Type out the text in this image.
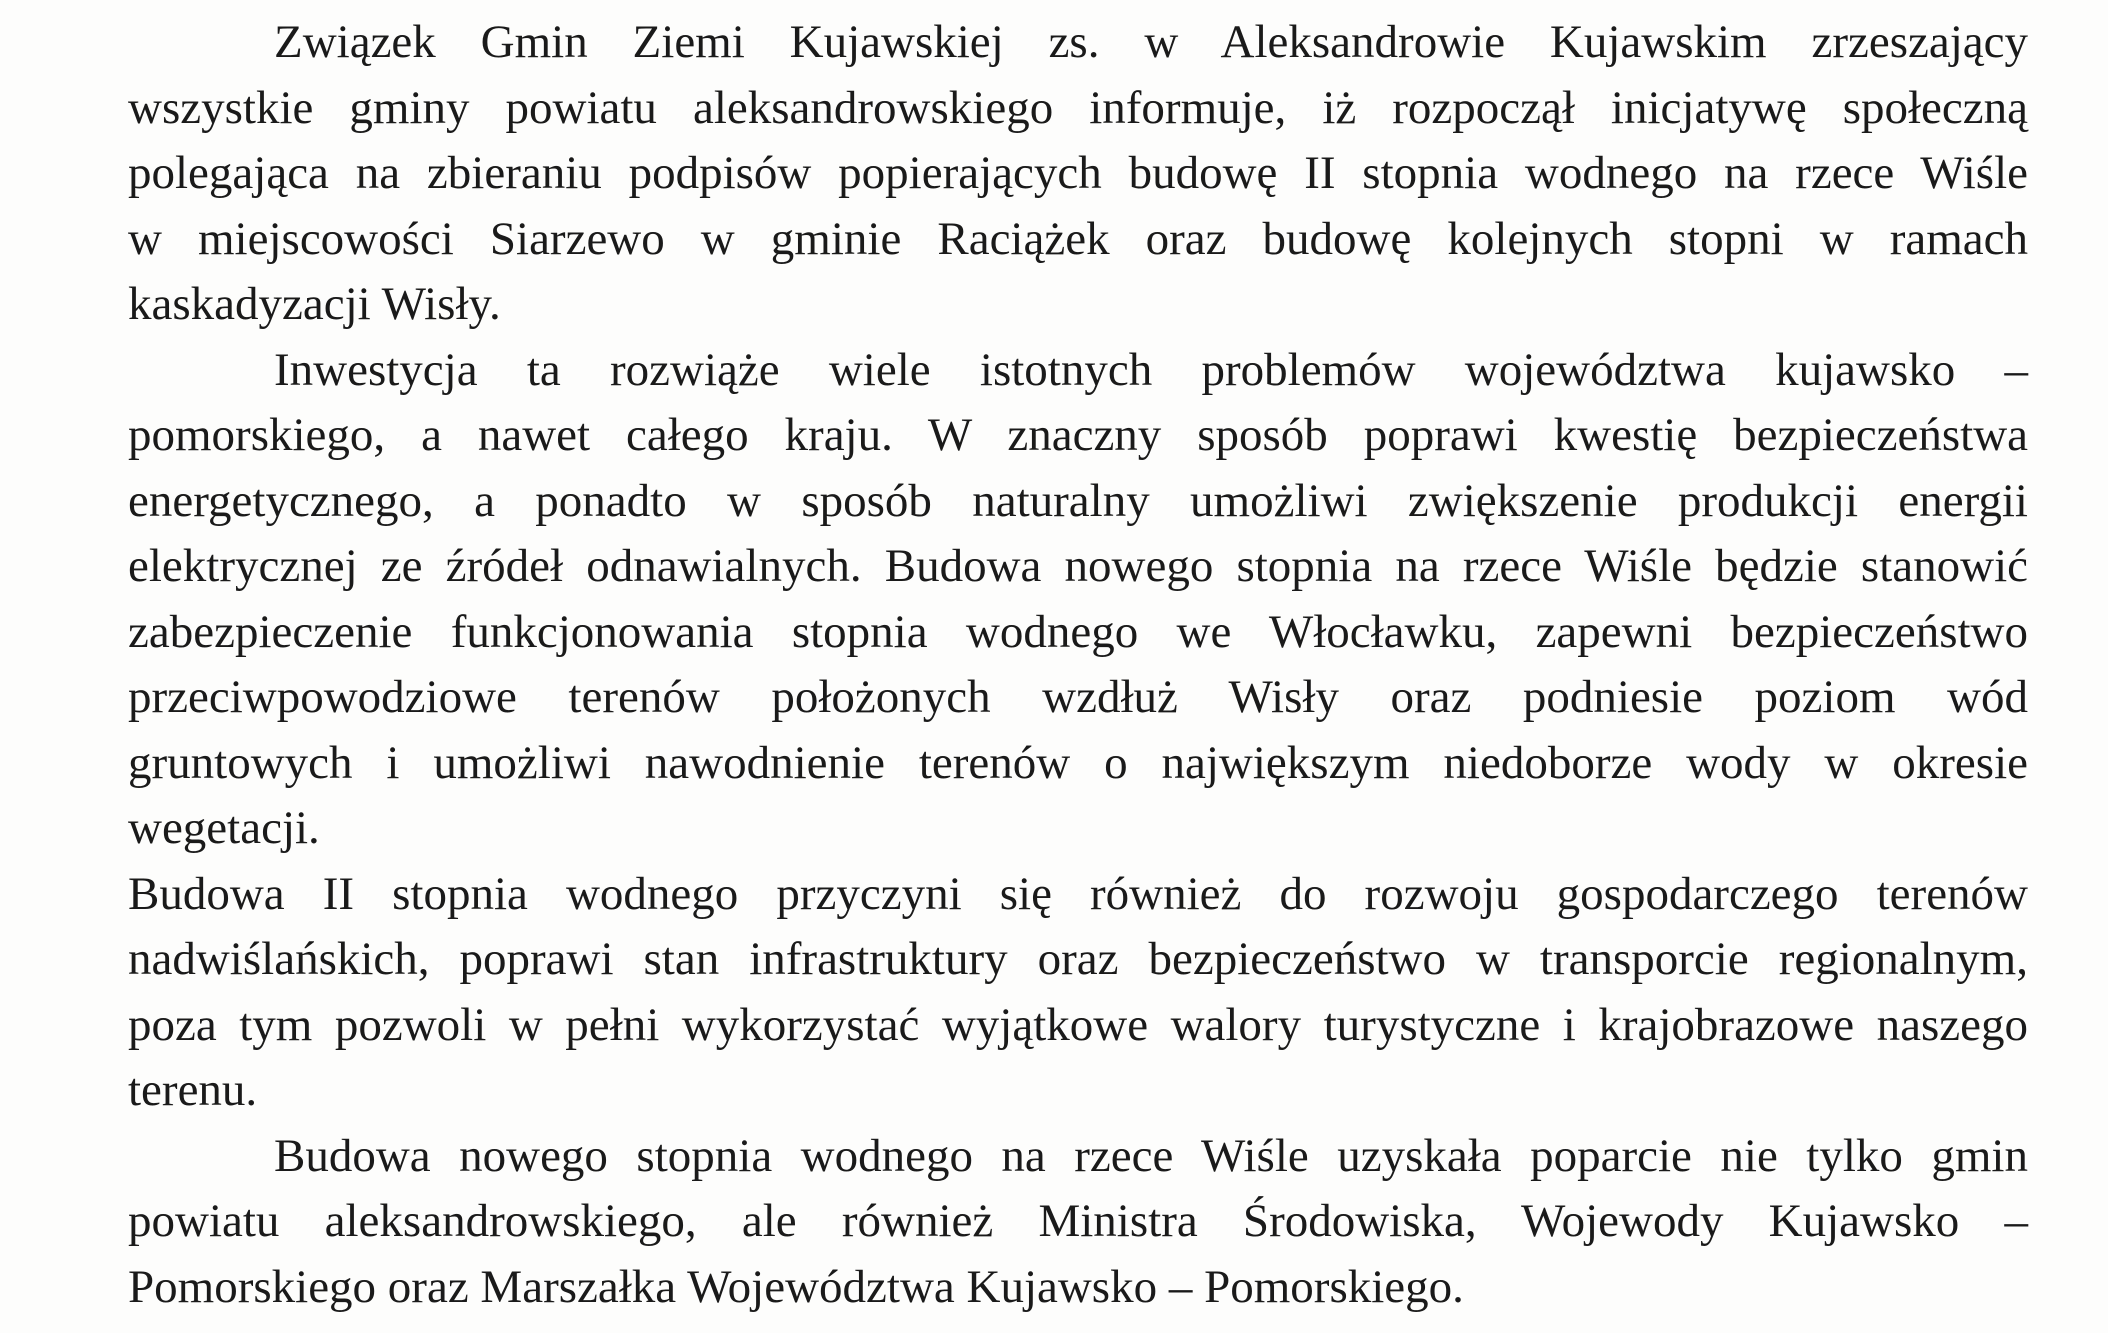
Związek Gmin Ziemi Kujawskiej zs. w Aleksandrowie Kujawskim zrzeszający
wszystkie gminy powiatu aleksandrowskiego informuje, iż rozpoczął inicjatywę społeczną
polegająca na zbieraniu podpisów popierających budowę II stopnia wodnego na rzece Wiśle
w miejscowości Siarzewo w gminie Raciążek oraz budowę kolejnych stopni w ramach
kaskadyzacji Wisły.

Inwestycja ta rozwiąże wiele istotnych problemów województwa kujawsko –
pomorskiego, a nawet całego kraju. W znaczny sposób poprawi kwestię bezpieczeństwa
energetycznego, a ponadto w sposób naturalny umożliwi zwiększenie produkcji energii
elektrycznej ze źródeł odnawialnych. Budowa nowego stopnia na rzece Wiśle będzie stanowić
zabezpieczenie funkcjonowania stopnia wodnego we Włocławku, zapewni bezpieczeństwo
przeciwpowodziowe terenów położonych wzdłuż Wisły oraz podniesie poziom wód
gruntowych i umożliwi nawodnienie terenów o największym niedoborze wody w okresie
wegetacji.

Budowa II stopnia wodnego przyczyni się również do rozwoju gospodarczego terenów
nadwiślańskich, poprawi stan infrastruktury oraz bezpieczeństwo w transporcie regionalnym,
poza tym pozwoli w pełni wykorzystać wyjątkowe walory turystyczne i krajobrazowe naszego
terenu.

Budowa nowego stopnia wodnego na rzece Wiśle uzyskała poparcie nie tylko gmin
powiatu aleksandrowskiego, ale również Ministra Środowiska, Wojewody Kujawsko –
Pomorskiego oraz Marszałka Województwa Kujawsko – Pomorskiego.
